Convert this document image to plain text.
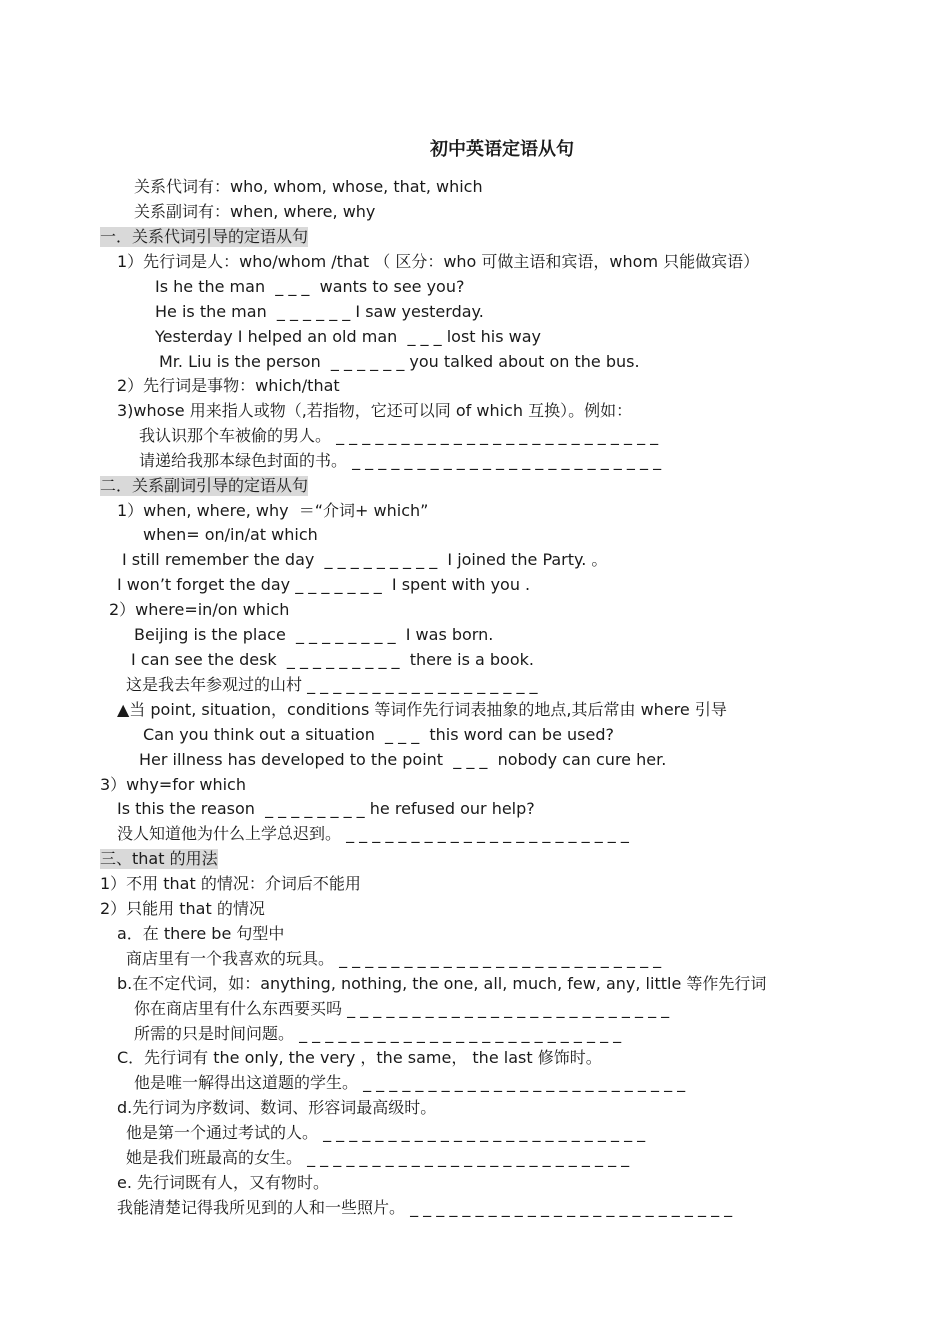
初中英语定语从句
关系代词有：who, whom, whose, that, which
关系副词有：when, where, why
一．关系代词引导的定语从句
1）先行词是人：who/whom /that （ 区分：who 可做主语和宾语，whom 只能做宾语）
Is he the man  _ _ _  wants to see you?
He is the man  _ _ _ _ _ _ I saw yesterday.
Yesterday I helped an old man  _ _ _ lost his way
Mr. Liu is the person  _ _ _ _ _ _ you talked about on the bus.
2）先行词是事物：which/that
3)whose 用来指人或物（,若指物，它还可以同 of which 互换）。例如：
我认识那个车被偷的男人。 _ _ _ _ _ _ _ _ _ _ _ _ _ _ _ _ _ _ _ _ _ _ _ _ _
请递给我那本绿色封面的书。 _ _ _ _ _ _ _ _ _ _ _ _ _ _ _ _ _ _ _ _ _ _ _ _
二．关系副词引导的定语从句
1）when, where, why  ＝“介词+ which”
when= on/in/at which
I still remember the day  _ _ _ _ _ _ _ _ _  I joined the Party. 。
I won’t forget the day _ _ _ _ _ _ _  I spent with you .
2）where=in/on which
Beijing is the place  _ _ _ _ _ _ _ _  I was born.
I can see the desk  _ _ _ _ _ _ _ _ _  there is a book.
这是我去年参观过的山村 _ _ _ _ _ _ _ _ _ _ _ _ _ _ _ _ _ _
▲当 point, situation，conditions 等词作先行词表抽象的地点,其后常由 where 引导
Can you think out a situation  _ _ _  this word can be used?
Her illness has developed to the point  _ _ _  nobody can cure her.
3）why=for which
Is this the reason  _ _ _ _ _ _ _ _ he refused our help?
没人知道他为什么上学总迟到。 _ _ _ _ _ _ _ _ _ _ _ _ _ _ _ _ _ _ _ _ _ _
三、that 的用法
1）不用 that 的情况：介词后不能用
2）只能用 that 的情况
a．在 there be 句型中
商店里有一个我喜欢的玩具。 _ _ _ _ _ _ _ _ _ _ _ _ _ _ _ _ _ _ _ _ _ _ _ _ _
b.在不定代词，如：anything, nothing, the one, all, much, few, any, little 等作先行词
你在商店里有什么东西要买吗 _ _ _ _ _ _ _ _ _ _ _ _ _ _ _ _ _ _ _ _ _ _ _ _ _
所需的只是时间问题。 _ _ _ _ _ _ _ _ _ _ _ _ _ _ _ _ _ _ _ _ _ _ _ _ _
C．先行词有 the only, the very ，the same， the last 修饰时。
他是唯一解得出这道题的学生。 _ _ _ _ _ _ _ _ _ _ _ _ _ _ _ _ _ _ _ _ _ _ _ _ _
d.先行词为序数词、数词、形容词最高级时。
他是第一个通过考试的人。 _ _ _ _ _ _ _ _ _ _ _ _ _ _ _ _ _ _ _ _ _ _ _ _ _
她是我们班最高的女生。 _ _ _ _ _ _ _ _ _ _ _ _ _ _ _ _ _ _ _ _ _ _ _ _ _
e. 先行词既有人，又有物时。
我能清楚记得我所见到的人和一些照片。 _ _ _ _ _ _ _ _ _ _ _ _ _ _ _ _ _ _ _ _ _ _ _ _ _
